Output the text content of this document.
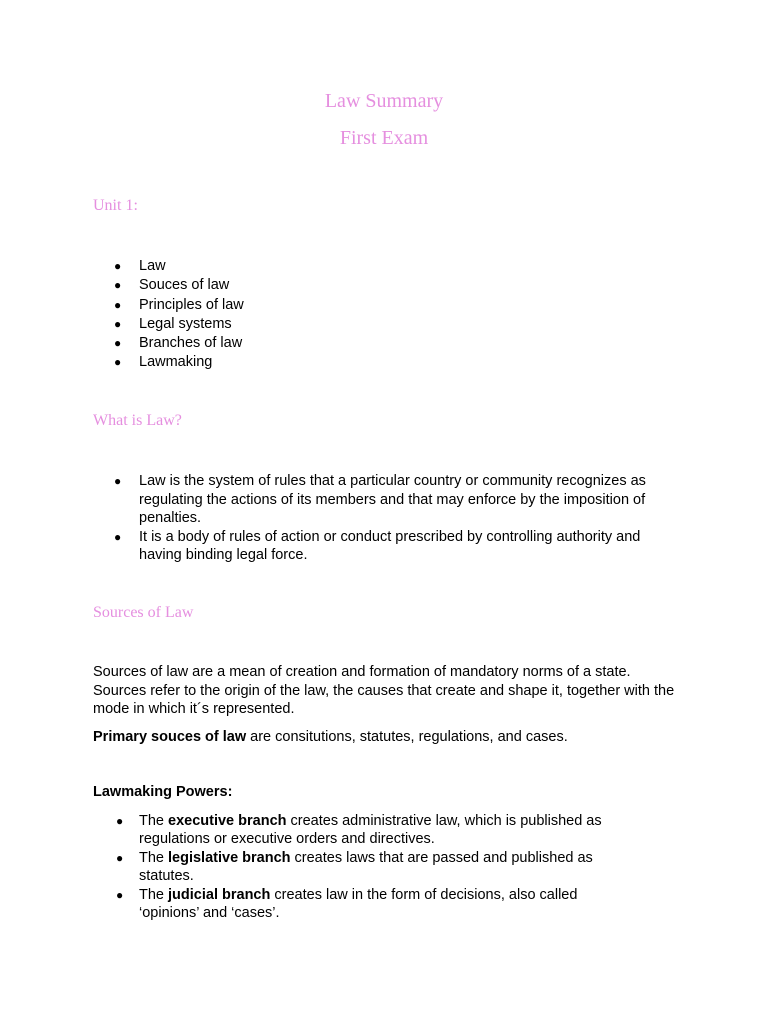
Law Summary
First Exam
Unit 1:
● Law
● Souces of law
● Principles of law
● Legal systems
● Branches of law
● Lawmaking
What is Law?
● Law is the system of rules that a particular country or community recognizes as regulating the actions of its members and that may enforce by the imposition of penalties.
● It is a body of rules of action or conduct prescribed by controlling authority and having binding legal force.
Sources of Law

Sources of law are a mean of creation and formation of mandatory norms of a state. Sources refer to the origin of the law, the causes that create and shape it, together with the mode in which it´s represented.

Primary souces of law are consitutions, statutes, regulations, and cases.

Lawmaking Powers:

● The executive branch creates administrative law, which is published as regulations or executive orders and directives.
● The legislative branch creates laws that are passed and published as statutes.
● The judicial branch creates law in the form of decisions, also called ‘opinions’ and ‘cases’.
